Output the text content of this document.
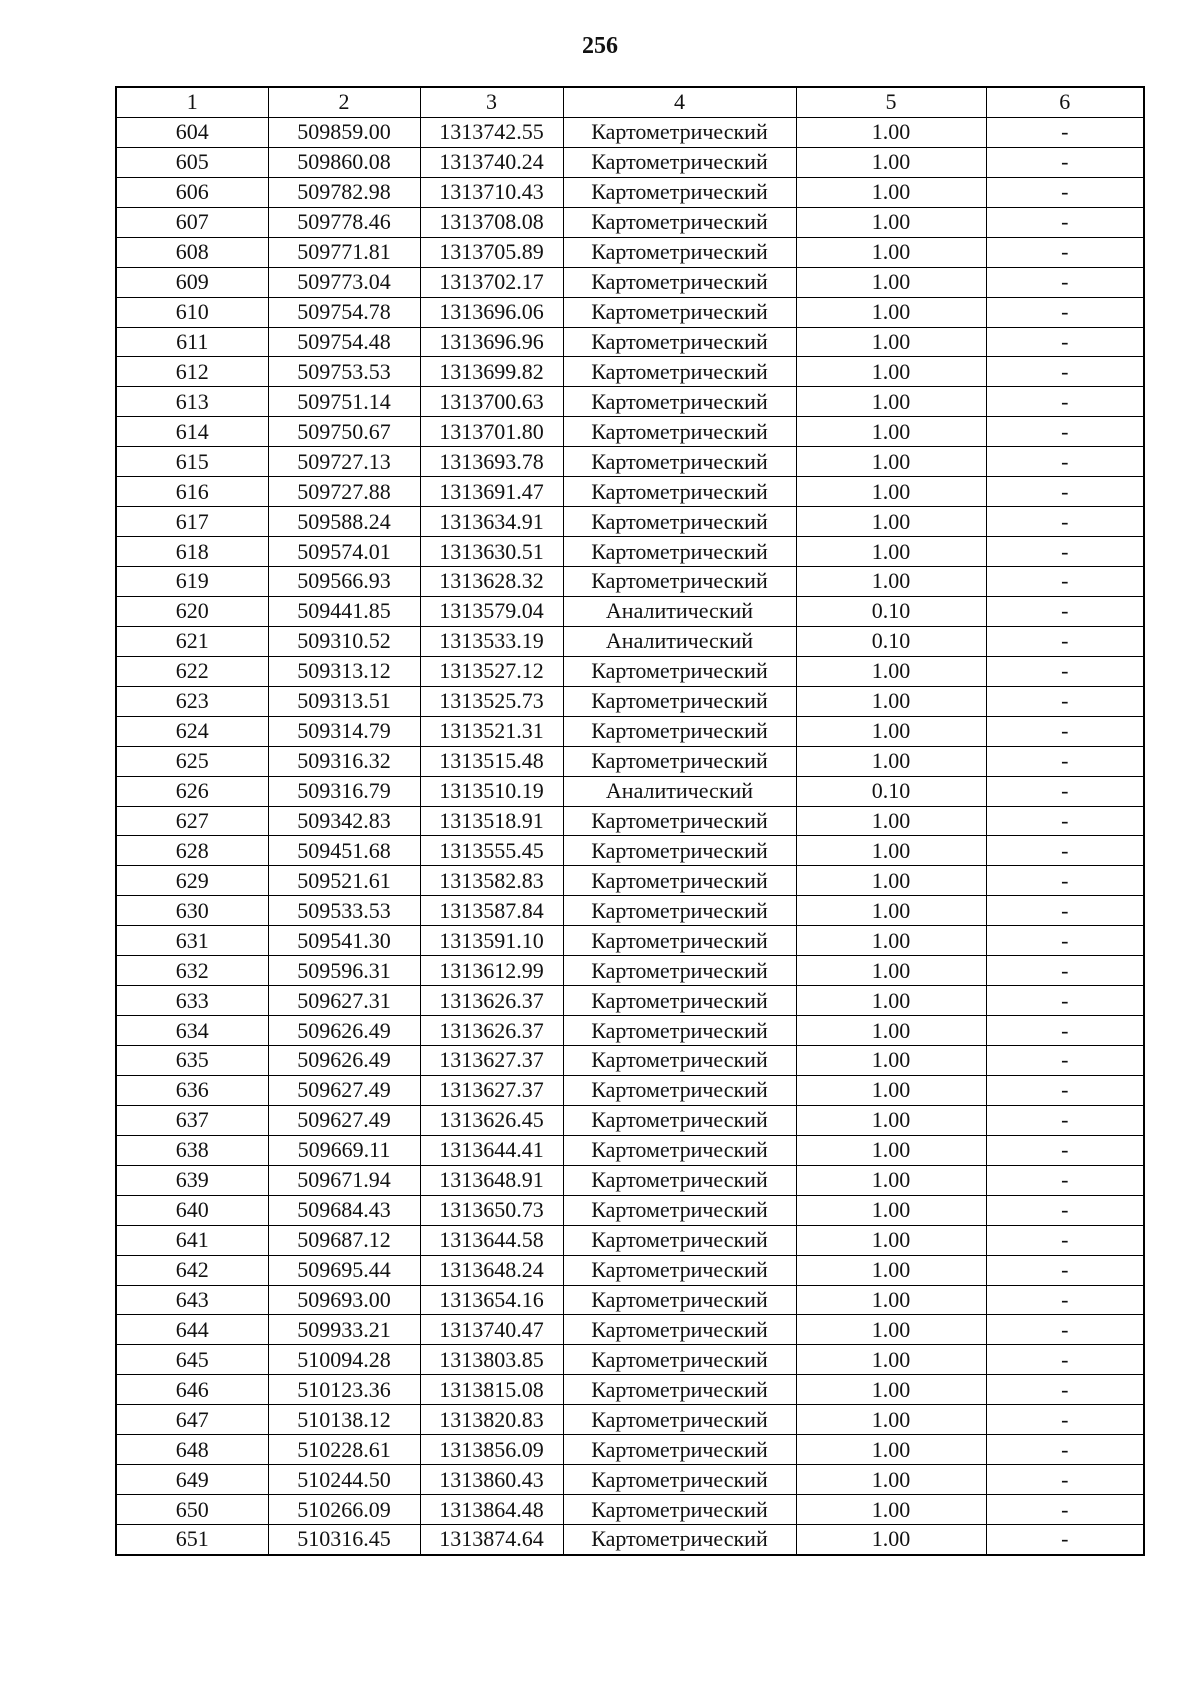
256
1	2	3	4	5	6
604	509859.00	1313742.55	Картометрический	1.00	-
605	509860.08	1313740.24	Картометрический	1.00	-
606	509782.98	1313710.43	Картометрический	1.00	-
607	509778.46	1313708.08	Картометрический	1.00	-
608	509771.81	1313705.89	Картометрический	1.00	-
609	509773.04	1313702.17	Картометрический	1.00	-
610	509754.78	1313696.06	Картометрический	1.00	-
611	509754.48	1313696.96	Картометрический	1.00	-
612	509753.53	1313699.82	Картометрический	1.00	-
613	509751.14	1313700.63	Картометрический	1.00	-
614	509750.67	1313701.80	Картометрический	1.00	-
615	509727.13	1313693.78	Картометрический	1.00	-
616	509727.88	1313691.47	Картометрический	1.00	-
617	509588.24	1313634.91	Картометрический	1.00	-
618	509574.01	1313630.51	Картометрический	1.00	-
619	509566.93	1313628.32	Картометрический	1.00	-
620	509441.85	1313579.04	Аналитический	0.10	-
621	509310.52	1313533.19	Аналитический	0.10	-
622	509313.12	1313527.12	Картометрический	1.00	-
623	509313.51	1313525.73	Картометрический	1.00	-
624	509314.79	1313521.31	Картометрический	1.00	-
625	509316.32	1313515.48	Картометрический	1.00	-
626	509316.79	1313510.19	Аналитический	0.10	-
627	509342.83	1313518.91	Картометрический	1.00	-
628	509451.68	1313555.45	Картометрический	1.00	-
629	509521.61	1313582.83	Картометрический	1.00	-
630	509533.53	1313587.84	Картометрический	1.00	-
631	509541.30	1313591.10	Картометрический	1.00	-
632	509596.31	1313612.99	Картометрический	1.00	-
633	509627.31	1313626.37	Картометрический	1.00	-
634	509626.49	1313626.37	Картометрический	1.00	-
635	509626.49	1313627.37	Картометрический	1.00	-
636	509627.49	1313627.37	Картометрический	1.00	-
637	509627.49	1313626.45	Картометрический	1.00	-
638	509669.11	1313644.41	Картометрический	1.00	-
639	509671.94	1313648.91	Картометрический	1.00	-
640	509684.43	1313650.73	Картометрический	1.00	-
641	509687.12	1313644.58	Картометрический	1.00	-
642	509695.44	1313648.24	Картометрический	1.00	-
643	509693.00	1313654.16	Картометрический	1.00	-
644	509933.21	1313740.47	Картометрический	1.00	-
645	510094.28	1313803.85	Картометрический	1.00	-
646	510123.36	1313815.08	Картометрический	1.00	-
647	510138.12	1313820.83	Картометрический	1.00	-
648	510228.61	1313856.09	Картометрический	1.00	-
649	510244.50	1313860.43	Картометрический	1.00	-
650	510266.09	1313864.48	Картометрический	1.00	-
651	510316.45	1313874.64	Картометрический	1.00	-
